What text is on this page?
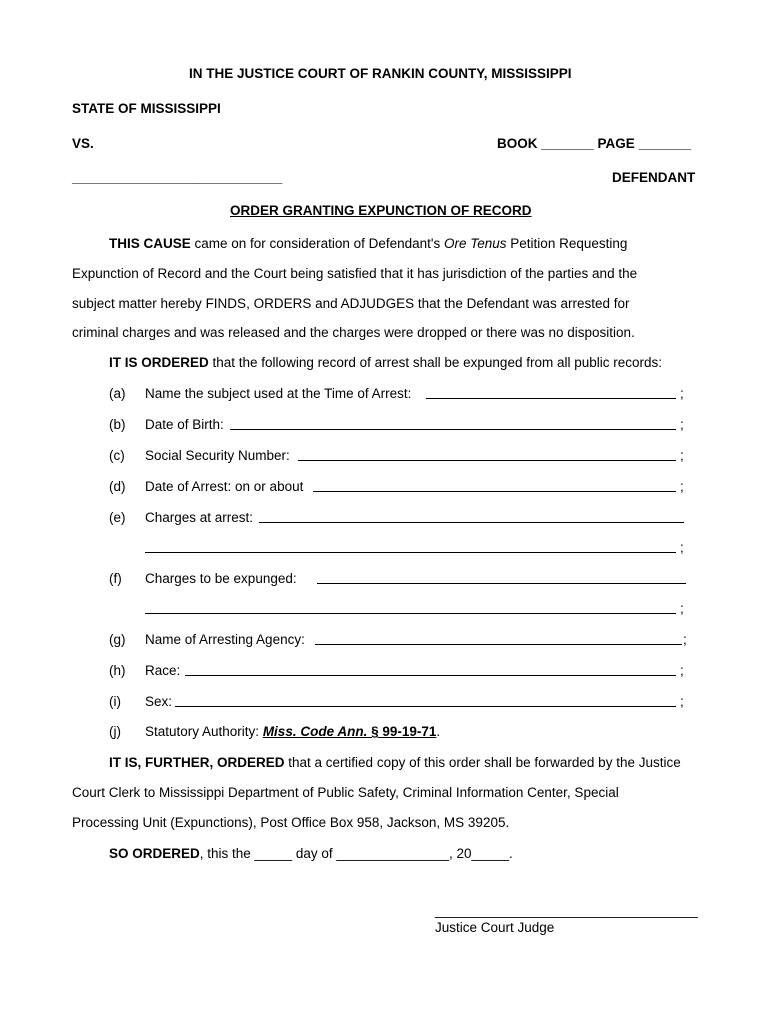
IN THE JUSTICE COURT OF RANKIN COUNTY, MISSISSIPPI
STATE OF MISSISSIPPI
VS.	BOOK _______ PAGE _______
____________________________	DEFENDANT
ORDER GRANTING EXPUNCTION OF RECORD
THIS CAUSE came on for consideration of Defendant's Ore Tenus Petition Requesting
Expunction of Record and the Court being satisfied that it has jurisdiction of the parties and the
subject matter hereby FINDS, ORDERS and ADJUDGES that the Defendant was arrested for
criminal charges and was released and the charges were dropped or there was no disposition.
IT IS ORDERED that the following record of arrest shall be expunged from all public records:
(a) Name the subject used at the Time of Arrest:	;
(b) Date of Birth:	;
(c) Social Security Number:	;
(d) Date of Arrest: on or about	;
(e) Charges at arrest:
;
(f) Charges to be expunged:
;
(g) Name of Arresting Agency:	;
(h) Race:	;
(i) Sex:	;
(j) Statutory Authority: Miss. Code Ann. § 99-19-71.
IT IS, FURTHER, ORDERED that a certified copy of this order shall be forwarded by the Justice
Court Clerk to Mississippi Department of Public Safety, Criminal Information Center, Special
Processing Unit (Expunctions), Post Office Box 958, Jackson, MS 39205.
SO ORDERED, this the _____ day of _______________, 20_____.
___________________________________
Justice Court Judge
